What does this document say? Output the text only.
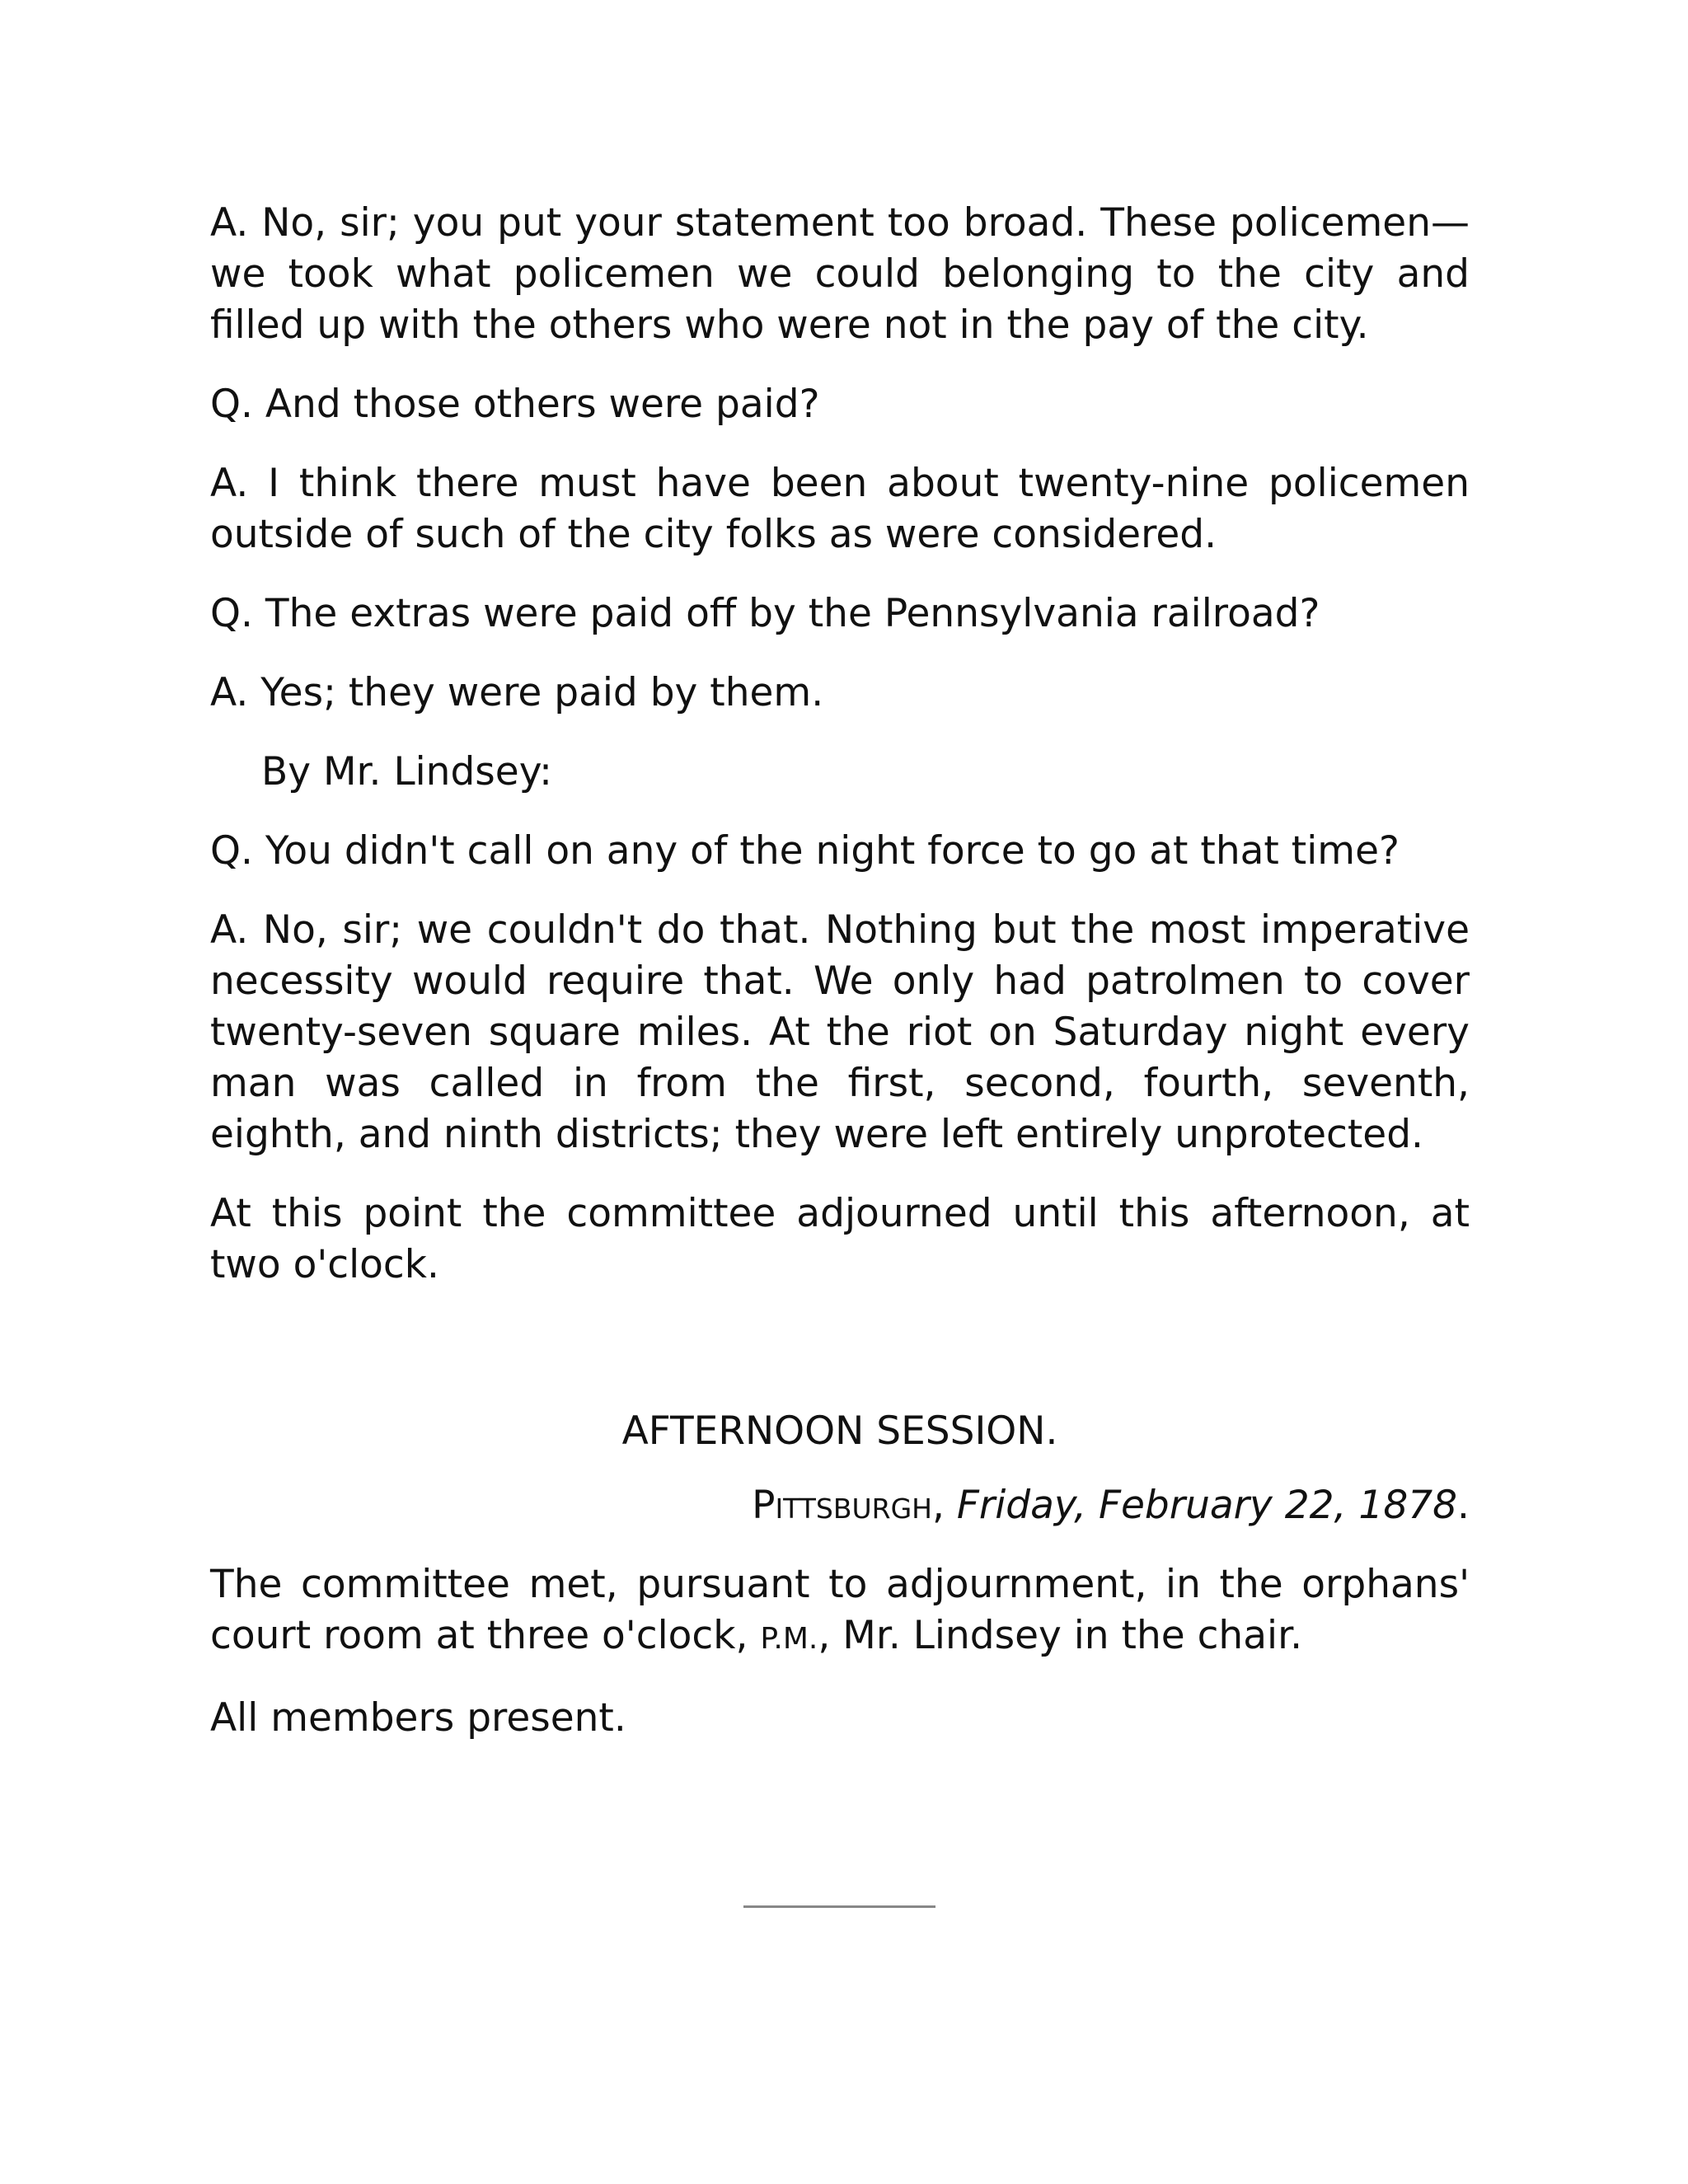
A. No, sir; you put your statement too broad. These policemen—we took what policemen we could belonging to the city and filled up with the others who were not in the pay of the city.

Q. And those others were paid?

A. I think there must have been about twenty-nine policemen outside of such of the city folks as were considered.

Q. The extras were paid off by the Pennsylvania railroad?

A. Yes; they were paid by them.

By Mr. Lindsey:

Q. You didn't call on any of the night force to go at that time?

A. No, sir; we couldn't do that. Nothing but the most imperative necessity would require that. We only had patrolmen to cover twenty-seven square miles. At the riot on Saturday night every man was called in from the first, second, fourth, seventh, eighth, and ninth districts; they were left entirely unprotected.

At this point the committee adjourned until this afternoon, at two o'clock.

AFTERNOON SESSION.
Pittsburgh, Friday, February 22, 1878.

The committee met, pursuant to adjournment, in the orphans' court room at three o'clock, P.M., Mr. Lindsey in the chair.

All members present.
